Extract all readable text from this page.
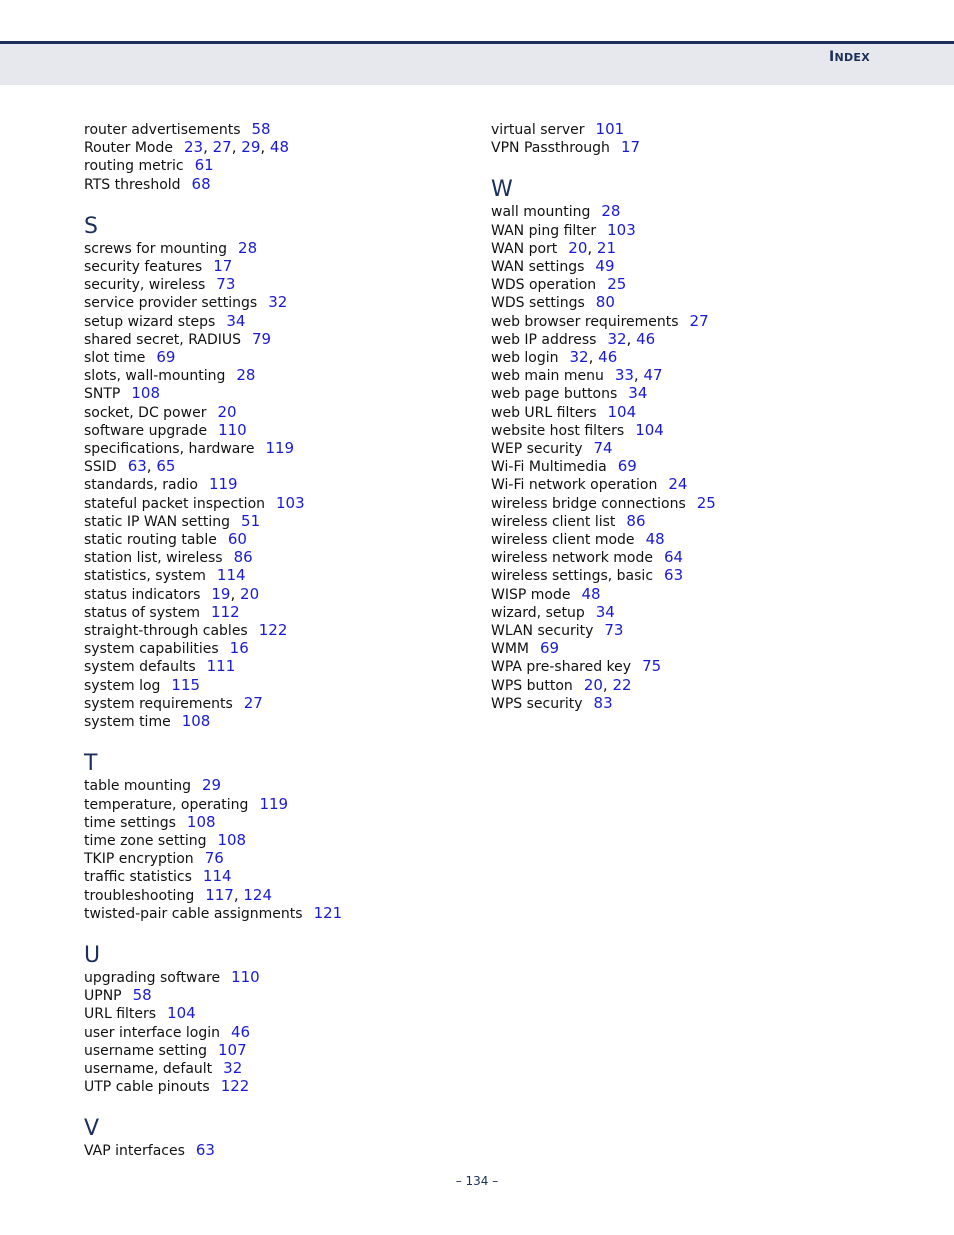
INDEX
router advertisements 58
Router Mode 23, 27, 29, 48
routing metric 61
RTS threshold 68
S
screws for mounting 28
security features 17
security, wireless 73
service provider settings 32
setup wizard steps 34
shared secret, RADIUS 79
slot time 69
slots, wall-mounting 28
SNTP 108
socket, DC power 20
software upgrade 110
specifications, hardware 119
SSID 63, 65
standards, radio 119
stateful packet inspection 103
static IP WAN setting 51
static routing table 60
station list, wireless 86
statistics, system 114
status indicators 19, 20
status of system 112
straight-through cables 122
system capabilities 16
system defaults 111
system log 115
system requirements 27
system time 108
T
table mounting 29
temperature, operating 119
time settings 108
time zone setting 108
TKIP encryption 76
traffic statistics 114
troubleshooting 117, 124
twisted-pair cable assignments 121
U
upgrading software 110
UPNP 58
URL filters 104
user interface login 46
username setting 107
username, default 32
UTP cable pinouts 122
V
VAP interfaces 63
virtual server 101
VPN Passthrough 17
W
wall mounting 28
WAN ping filter 103
WAN port 20, 21
WAN settings 49
WDS operation 25
WDS settings 80
web browser requirements 27
web IP address 32, 46
web login 32, 46
web main menu 33, 47
web page buttons 34
web URL filters 104
website host filters 104
WEP security 74
Wi-Fi Multimedia 69
Wi-Fi network operation 24
wireless bridge connections 25
wireless client list 86
wireless client mode 48
wireless network mode 64
wireless settings, basic 63
WISP mode 48
wizard, setup 34
WLAN security 73
WMM 69
WPA pre-shared key 75
WPS button 20, 22
WPS security 83
– 134 –
